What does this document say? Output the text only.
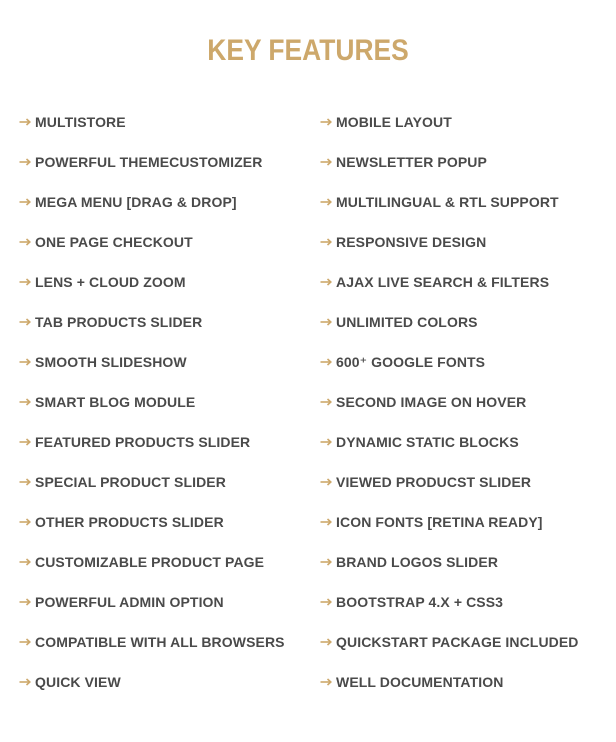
KEY FEATURES
MULTISTORE
POWERFUL THEMECUSTOMIZER
MEGA MENU [DRAG & DROP]
ONE PAGE CHECKOUT
LENS + CLOUD ZOOM
TAB PRODUCTS SLIDER
SMOOTH SLIDESHOW
SMART BLOG MODULE
FEATURED PRODUCTS SLIDER
SPECIAL PRODUCT SLIDER
OTHER PRODUCTS SLIDER
CUSTOMIZABLE PRODUCT PAGE
POWERFUL ADMIN OPTION
COMPATIBLE WITH ALL BROWSERS
QUICK VIEW
MOBILE LAYOUT
NEWSLETTER POPUP
MULTILINGUAL & RTL SUPPORT
RESPONSIVE DESIGN
AJAX LIVE SEARCH & FILTERS
UNLIMITED COLORS
600⁺ GOOGLE FONTS
SECOND IMAGE ON HOVER
DYNAMIC STATIC BLOCKS
VIEWED PRODUCST SLIDER
ICON FONTS [RETINA READY]
BRAND LOGOS SLIDER
BOOTSTRAP 4.X + CSS3
QUICKSTART PACKAGE INCLUDED
WELL DOCUMENTATION
